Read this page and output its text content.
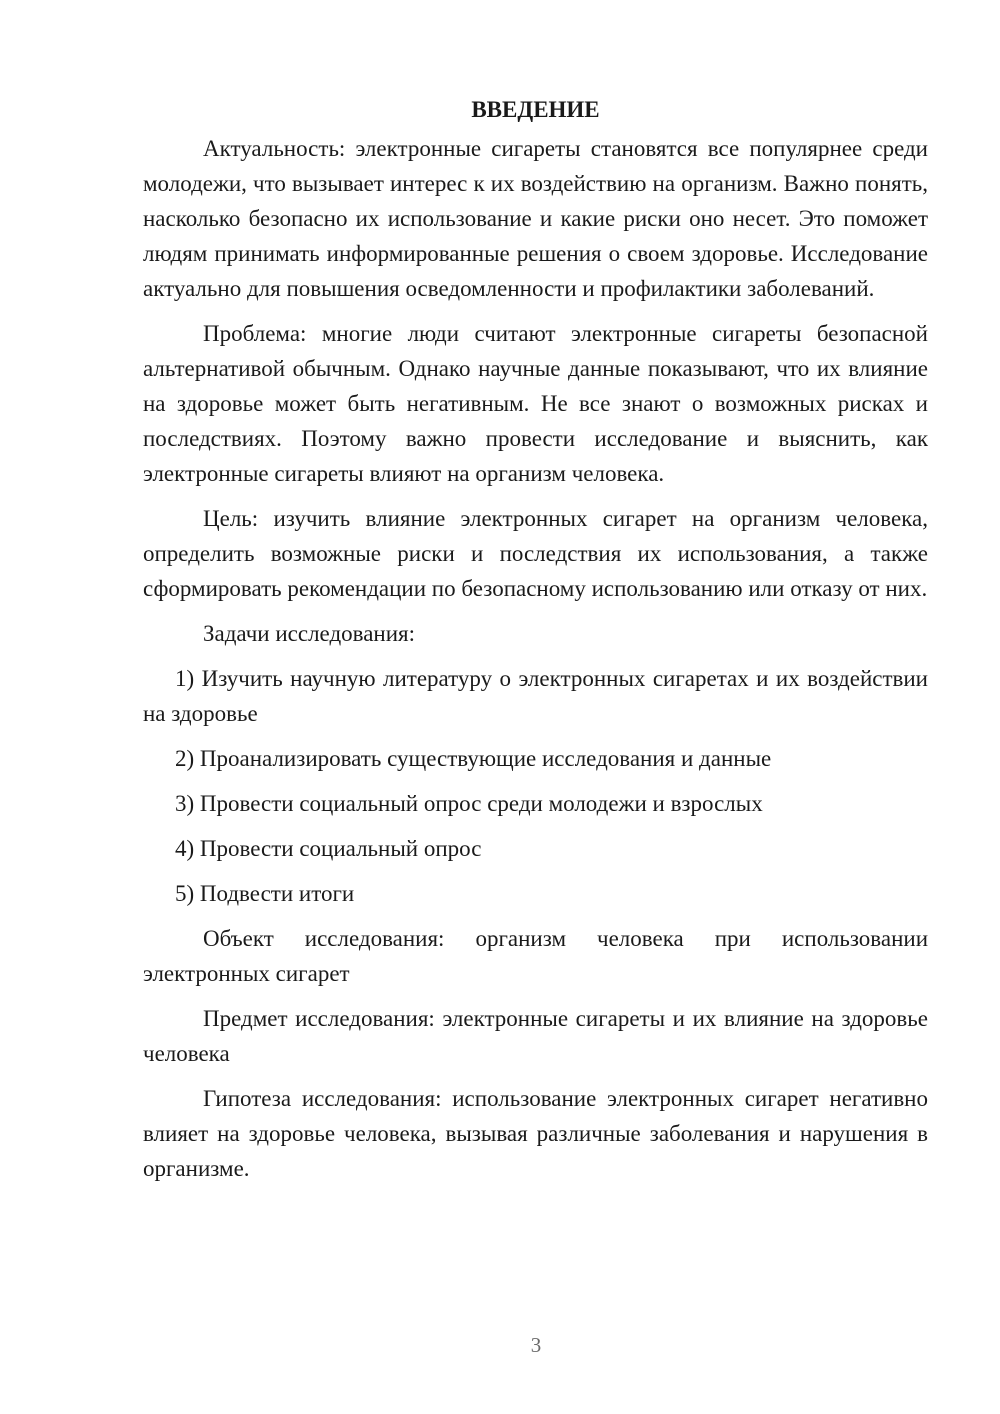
ВВЕДЕНИЕ

Актуальность: электронные сигареты становятся все популярнее среди молодежи, что вызывает интерес к их воздействию на организм. Важно понять, насколько безопасно их использование и какие риски оно несет. Это поможет людям принимать информированные решения о своем здоровье. Исследование актуально для повышения осведомленности и профилактики заболеваний.

Проблема: многие люди считают электронные сигареты безопасной альтернативой обычным. Однако научные данные показывают, что их влияние на здоровье может быть негативным. Не все знают о возможных рисках и последствиях. Поэтому важно провести исследование и выяснить, как электронные сигареты влияют на организм человека.

Цель: изучить влияние электронных сигарет на организм человека, определить возможные риски и последствия их использования, а также сформировать рекомендации по безопасному использованию или отказу от них.

Задачи исследования:

1) Изучить научную литературу о электронных сигаретах и их воздействии на здоровье

2) Проанализировать существующие исследования и данные

3) Провести социальный опрос среди молодежи и взрослых

4) Провести социальный опрос

5) Подвести итоги

Объект исследования: организм человека при использовании электронных сигарет

Предмет исследования: электронные сигареты и их влияние на здоровье человека

Гипотеза исследования: использование электронных сигарет негативно влияет на здоровье человека, вызывая различные заболевания и нарушения в организме.

3
